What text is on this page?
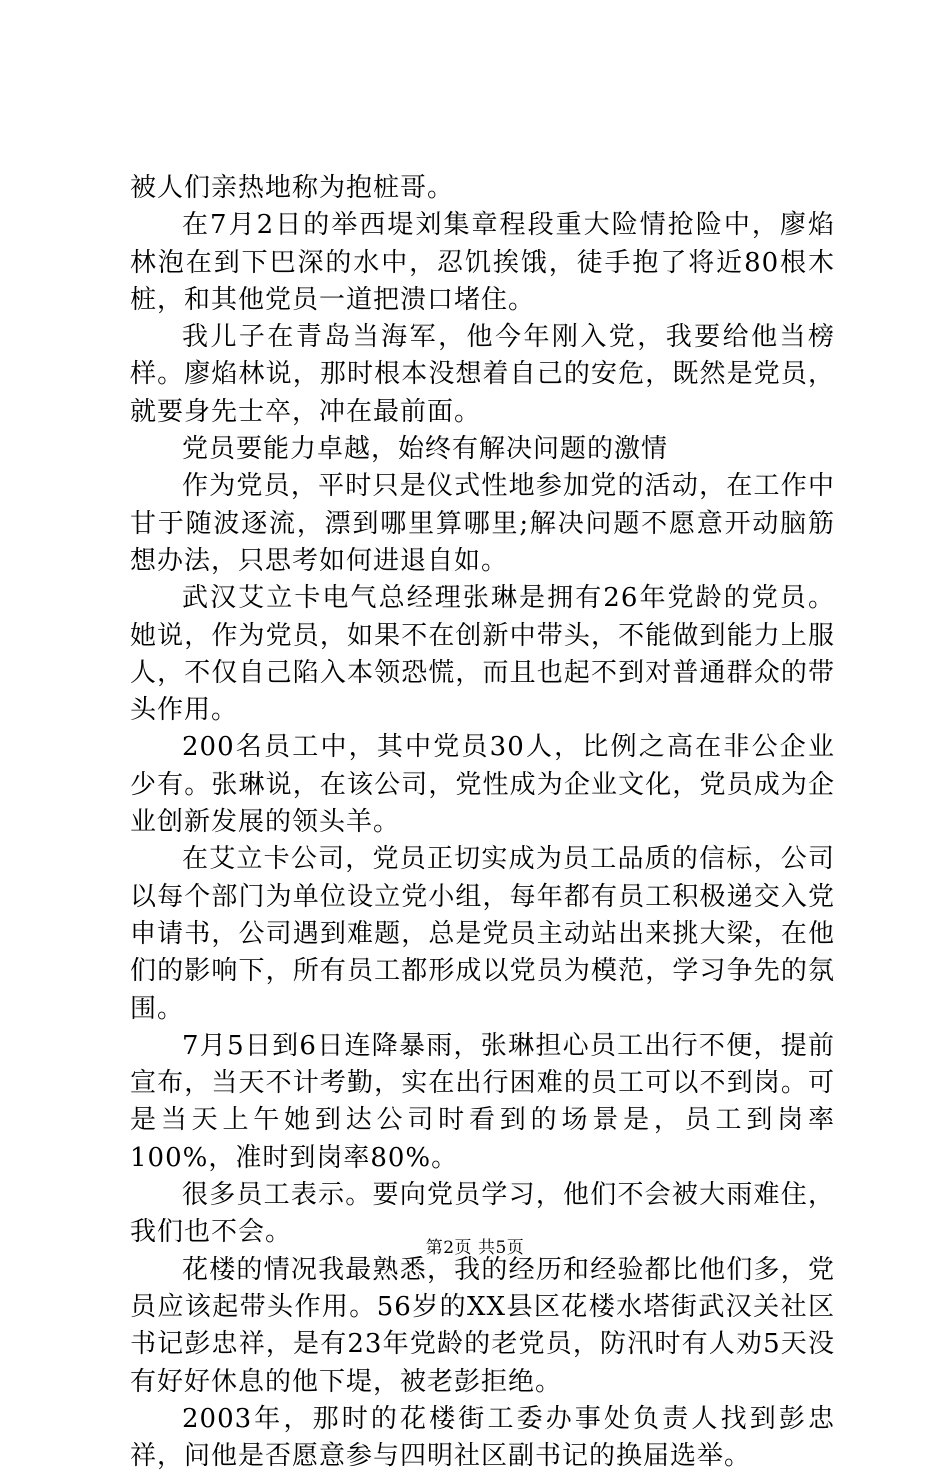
被人们亲热地称为抱桩哥。

在7月2日的举西堤刘集章程段重大险情抢险中，廖焰林泡在到下巴深的水中，忍饥挨饿，徒手抱了将近80根木桩，和其他党员一道把溃口堵住。

我儿子在青岛当海军，他今年刚入党，我要给他当榜样。廖焰林说，那时根本没想着自己的安危，既然是党员，就要身先士卒，冲在最前面。

党员要能力卓越，始终有解决问题的激情

作为党员，平时只是仪式性地参加党的活动，在工作中甘于随波逐流，漂到哪里算哪里;解决问题不愿意开动脑筋想办法，只思考如何进退自如。

武汉艾立卡电气总经理张琳是拥有26年党龄的党员。她说，作为党员，如果不在创新中带头，不能做到能力上服人，不仅自己陷入本领恐慌，而且也起不到对普通群众的带头作用。

200名员工中，其中党员30人，比例之高在非公企业少有。张琳说，在该公司，党性成为企业文化，党员成为企业创新发展的领头羊。

在艾立卡公司，党员正切实成为员工品质的信标，公司以每个部门为单位设立党小组，每年都有员工积极递交入党申请书，公司遇到难题，总是党员主动站出来挑大梁，在他们的影响下，所有员工都形成以党员为模范，学习争先的氛围。

7月5日到6日连降暴雨，张琳担心员工出行不便，提前宣布，当天不计考勤，实在出行困难的员工可以不到岗。可是当天上午她到达公司时看到的场景是，员工到岗率100%，准时到岗率80%。

很多员工表示。要向党员学习，他们不会被大雨难住，我们也不会。

花楼的情况我最熟悉，我的经历和经验都比他们多，党员应该起带头作用。56岁的XX县区花楼水塔街武汉关社区书记彭忠祥，是有23年党龄的老党员，防汛时有人劝5天没有好好休息的他下堤，被老彭拒绝。

2003年，那时的花楼街工委办事处负责人找到彭忠祥，问他是否愿意参与四明社区副书记的换届选举。

第2页 共5页
